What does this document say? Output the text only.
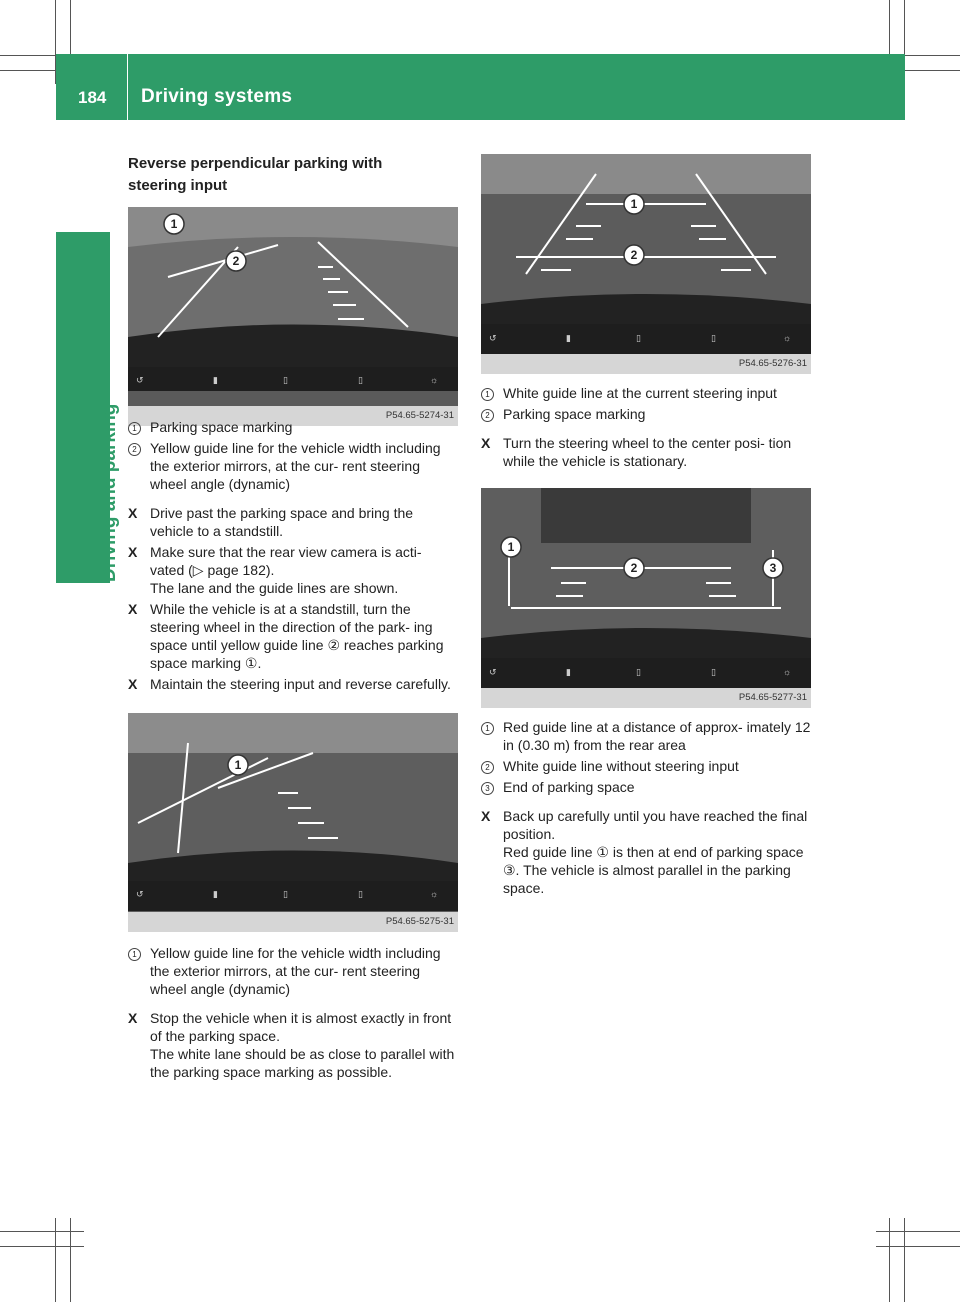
184 Driving systems
Driving and parking
Reverse perpendicular parking with steering input
↺	▮	▯	▯	☼
1
2
P54.65-5274-31
1 Parking space marking

2 Yellow guide line for the vehicle width including the exterior mirrors, at the cur- rent steering wheel angle (dynamic)

X Drive past the parking space and bring the vehicle to a standstill.

X Make sure that the rear view camera is acti- vated (▷ page 182).

The lane and the guide lines are shown.

X While the vehicle is at a standstill, turn the steering wheel in the direction of the park- ing space until yellow guide line ② reaches parking space marking ①.

X Maintain the steering input and reverse carefully.

↺	▮	▯	▯	☼
1
P54.65-5275-31
1 Yellow guide line for the vehicle width including the exterior mirrors, at the cur- rent steering wheel angle (dynamic)

X Stop the vehicle when it is almost exactly in front of the parking space.

The white lane should be as close to parallel with the parking space marking as possible.

↺	▮	▯	▯	☼
1
2
P54.65-5276-31
1 White guide line at the current steering input

2 Parking space marking

X Turn the steering wheel to the center posi- tion while the vehicle is stationary.

↺	▮	▯	▯	☼
1
2	3
P54.65-5277-31
1 Red guide line at a distance of approx- imately 12 in (0.30 m) from the rear area

2 White guide line without steering input

3 End of parking space

X Back up carefully until you have reached the final position.

Red guide line ① is then at end of parking space ③. The vehicle is almost parallel in the parking space.
